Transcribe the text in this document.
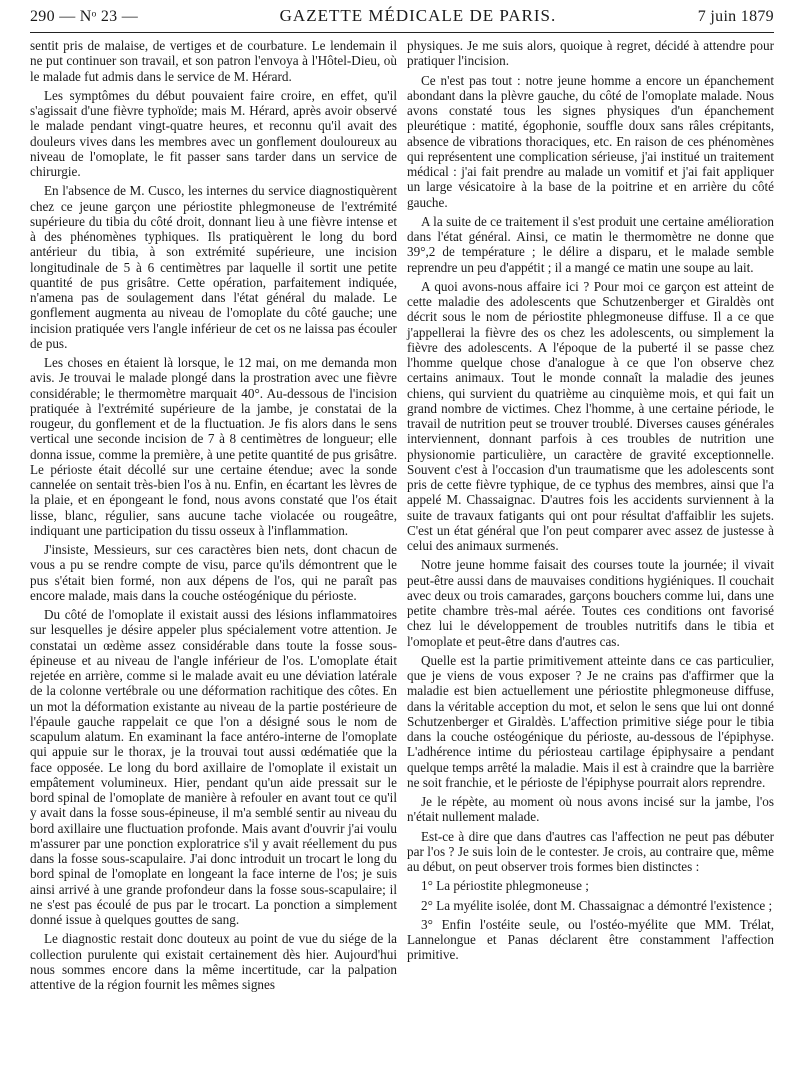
290 — Nᵒ 23 —	GAZETTE MÉDICALE DE PARIS.	7 juin 1879

sentit pris de malaise, de vertiges et de courbature. Le lendemain il ne put continuer son travail, et son patron l'envoya à l'Hôtel-Dieu, où le malade fut admis dans le service de M. Hérard.

Les symptômes du début pouvaient faire croire, en effet, qu'il s'agissait d'une fièvre typhoïde; mais M. Hérard, après avoir observé le malade pendant vingt-quatre heures, et reconnu qu'il avait des douleurs vives dans les membres avec un gonflement douloureux au niveau de l'omoplate, le fit passer sans tarder dans un service de chirurgie.

En l'absence de M. Cusco, les internes du service diagnostiquèrent chez ce jeune garçon une périostite phlegmoneuse de l'extrémité supérieure du tibia du côté droit, donnant lieu à une fièvre intense et à des phénomènes typhiques. Ils pratiquèrent le long du bord antérieur du tibia, à son extrémité supérieure, une incision longitudinale de 5 à 6 centimètres par laquelle il sortit une petite quantité de pus grisâtre. Cette opération, parfaitement indiquée, n'amena pas de soulagement dans l'état général du malade. Le gonflement augmenta au niveau de l'omoplate du côté gauche; une incision pratiquée vers l'angle inférieur de cet os ne laissa pas écouler de pus.

Les choses en étaient là lorsque, le 12 mai, on me demanda mon avis. Je trouvai le malade plongé dans la prostration avec une fièvre considérable; le thermomètre marquait 40°. Au-dessous de l'incision pratiquée à l'extrémité supérieure de la jambe, je constatai de la rougeur, du gonflement et de la fluctuation. Je fis alors dans le sens vertical une seconde incision de 7 à 8 centimètres de longueur; elle donna issue, comme la première, à une petite quantité de pus grisâtre. Le périoste était décollé sur une certaine étendue; avec la sonde cannelée on sentait très-bien l'os à nu. Enfin, en écartant les lèvres de la plaie, et en épongeant le fond, nous avons constaté que l'os était lisse, blanc, régulier, sans aucune tache violacée ou rougeâtre, indiquant une participation du tissu osseux à l'inflammation.

J'insiste, Messieurs, sur ces caractères bien nets, dont chacun de vous a pu se rendre compte de visu, parce qu'ils démontrent que le pus s'était bien formé, non aux dépens de l'os, qui ne paraît pas encore malade, mais dans la couche ostéogénique du périoste.

Du côté de l'omoplate il existait aussi des lésions inflammatoires sur lesquelles je désire appeler plus spécialement votre attention. Je constatai un œdème assez considérable dans toute la fosse sous-épineuse et au niveau de l'angle inférieur de l'os. L'omoplate était rejetée en arrière, comme si le malade avait eu une déviation latérale de la colonne vertébrale ou une déformation rachitique des côtes. En un mot la déformation existante au niveau de la partie postérieure de l'épaule gauche rappelait ce que l'on a désigné sous le nom de scapulum alatum. En examinant la face antéro-interne de l'omoplate qui appuie sur le thorax, je la trouvai tout aussi œdématiée que la face opposée. Le long du bord axillaire de l'omoplate il existait un empâtement volumineux. Hier, pendant qu'un aide pressait sur le bord spinal de l'omoplate de manière à refouler en avant tout ce qu'il y avait dans la fosse sous-épineuse, il m'a semblé sentir au niveau du bord axillaire une fluctuation profonde. Mais avant d'ouvrir j'ai voulu m'assurer par une ponction exploratrice s'il y avait réellement du pus dans la fosse sous-scapulaire. J'ai donc introduit un trocart le long du bord spinal de l'omoplate en longeant la face interne de l'os; je suis ainsi arrivé à une grande profondeur dans la fosse sous-scapulaire; il ne s'est pas écoulé de pus par le trocart. La ponction a simplement donné issue à quelques gouttes de sang.

Le diagnostic restait donc douteux au point de vue du siége de la collection purulente qui existait certainement dès hier. Aujourd'hui nous sommes encore dans la même incertitude, car la palpation attentive de la région fournit les mêmes signes

physiques. Je me suis alors, quoique à regret, décidé à attendre pour pratiquer l'incision.

Ce n'est pas tout : notre jeune homme a encore un épanchement abondant dans la plèvre gauche, du côté de l'omoplate malade. Nous avons constaté tous les signes physiques d'un épanchement pleurétique : matité, égophonie, souffle doux sans râles crépitants, absence de vibrations thoraciques, etc. En raison de ces phénomènes qui représentent une complication sérieuse, j'ai institué un traitement médical : j'ai fait prendre au malade un vomitif et j'ai fait appliquer un large vésicatoire à la base de la poitrine et en arrière du côté gauche.

A la suite de ce traitement il s'est produit une certaine amélioration dans l'état général. Ainsi, ce matin le thermomètre ne donne que 39°,2 de température ; le délire a disparu, et le malade semble reprendre un peu d'appétit ; il a mangé ce matin une soupe au lait.

A quoi avons-nous affaire ici ? Pour moi ce garçon est atteint de cette maladie des adolescents que Schutzenberger et Giraldès ont décrit sous le nom de périostite phlegmoneuse diffuse. Il a ce que j'appellerai la fièvre des os chez les adolescents, ou simplement la fièvre des adolescents. A l'époque de la puberté il se passe chez l'homme quelque chose d'analogue à ce que l'on observe chez certains animaux. Tout le monde connaît la maladie des jeunes chiens, qui survient du quatrième au cinquième mois, et qui fait un grand nombre de victimes. Chez l'homme, à une certaine période, le travail de nutrition peut se trouver troublé. Diverses causes générales interviennent, donnant parfois à ces troubles de nutrition une physionomie particulière, un caractère de gravité exceptionnelle. Souvent c'est à l'occasion d'un traumatisme que les adolescents sont pris de cette fièvre typhique, de ce typhus des membres, ainsi que l'a appelé M. Chassaignac. D'autres fois les accidents surviennent à la suite de travaux fatigants qui ont pour résultat d'affaiblir les sujets. C'est un état général que l'on peut comparer avec assez de justesse à celui des animaux surmenés.

Notre jeune homme faisait des courses toute la journée; il vivait peut-être aussi dans de mauvaises conditions hygiéniques. Il couchait avec deux ou trois camarades, garçons bouchers comme lui, dans une petite chambre très-mal aérée. Toutes ces conditions ont favorisé chez lui le développement de troubles nutritifs dans le tibia et l'omoplate et peut-être dans d'autres cas.

Quelle est la partie primitivement atteinte dans ce cas particulier, que je viens de vous exposer ? Je ne crains pas d'affirmer que la maladie est bien actuellement une périostite phlegmoneuse diffuse, dans la véritable acception du mot, et selon le sens que lui ont donné Schutzenberger et Giraldès. L'affection primitive siége pour le tibia dans la couche ostéogénique du périoste, au-dessous de l'épiphyse. L'adhérence intime du périosteau cartilage épiphysaire a pendant quelque temps arrêté la maladie. Mais il est à craindre que la barrière ne soit franchie, et le périoste de l'épiphyse pourrait alors reprendre.

Je le répète, au moment où nous avons incisé sur la jambe, l'os n'était nullement malade.

Est-ce à dire que dans d'autres cas l'affection ne peut pas débuter par l'os ? Je suis loin de le contester. Je crois, au contraire que, même au début, on peut observer trois formes bien distinctes :

1° La périostite phlegmoneuse ;

2° La myélite isolée, dont M. Chassaignac a démontré l'existence ;

3° Enfin l'ostéite seule, ou l'ostéo-myélite que MM. Trélat, Lannelongue et Panas déclarent être constamment l'affection primitive.
